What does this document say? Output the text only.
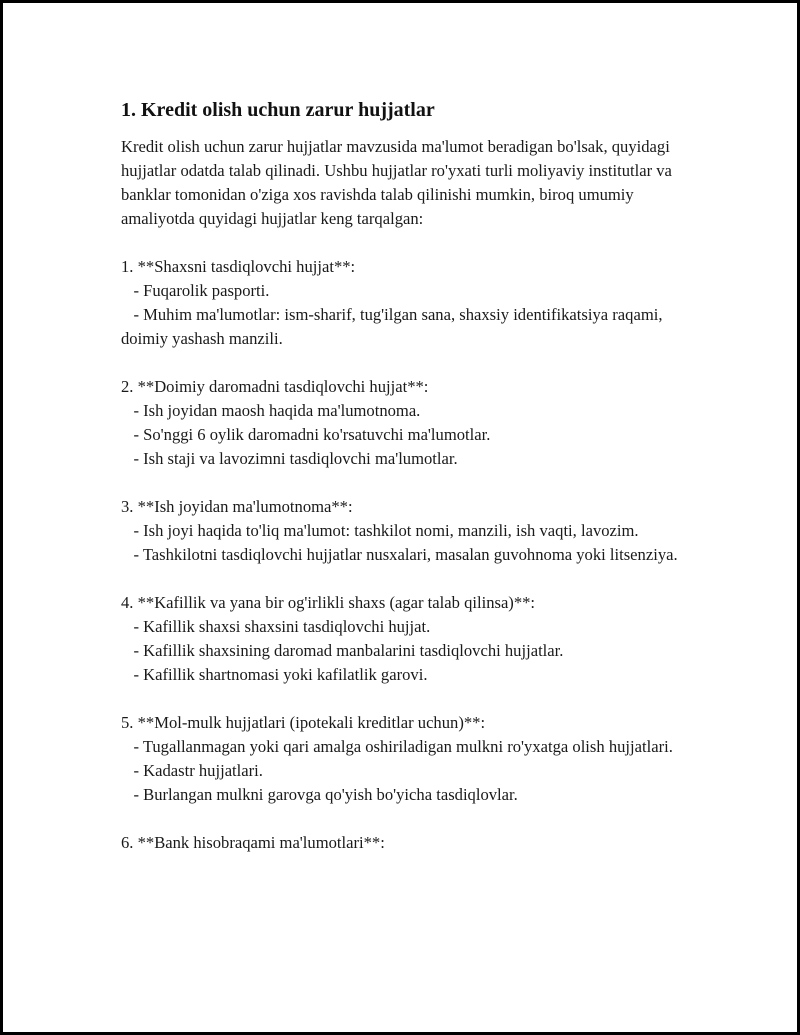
1. Kredit olish uchun zarur hujjatlar

Kredit olish uchun zarur hujjatlar mavzusida ma'lumot beradigan bo'lsak, quyidagi hujjatlar odatda talab qilinadi. Ushbu hujjatlar ro'yxati turli moliyaviy institutlar va banklar tomonidan o'ziga xos ravishda talab qilinishi mumkin, biroq umumiy amaliyotda quyidagi hujjatlar keng tarqalgan:

1. **Shaxsni tasdiqlovchi hujjat**:

- Fuqarolik pasporti.

- Muhim ma'lumotlar: ism-sharif, tug'ilgan sana, shaxsiy identifikatsiya raqami, doimiy yashash manzili.

2. **Doimiy daromadni tasdiqlovchi hujjat**:

- Ish joyidan maosh haqida ma'lumotnoma.

- So'nggi 6 oylik daromadni ko'rsatuvchi ma'lumotlar.

- Ish staji va lavozimni tasdiqlovchi ma'lumotlar.

3. **Ish joyidan ma'lumotnoma**:

- Ish joyi haqida to'liq ma'lumot: tashkilot nomi, manzili, ish vaqti, lavozim.

- Tashkilotni tasdiqlovchi hujjatlar nusxalari, masalan guvohnoma yoki litsenziya.

4. **Kafillik va yana bir og'irlikli shaxs (agar talab qilinsa)**:

- Kafillik shaxsi shaxsini tasdiqlovchi hujjat.

- Kafillik shaxsining daromad manbalarini tasdiqlovchi hujjatlar.

- Kafillik shartnomasi yoki kafilatlik garovi.

5. **Mol-mulk hujjatlari (ipotekali kreditlar uchun)**:

- Tugallanmagan yoki qari amalga oshiriladigan mulkni ro'yxatga olish hujjatlari.

- Kadastr hujjatlari.

- Burlangan mulkni garovga qo'yish bo'yicha tasdiqlovlar.

6. **Bank hisobraqami ma'lumotlari**:
